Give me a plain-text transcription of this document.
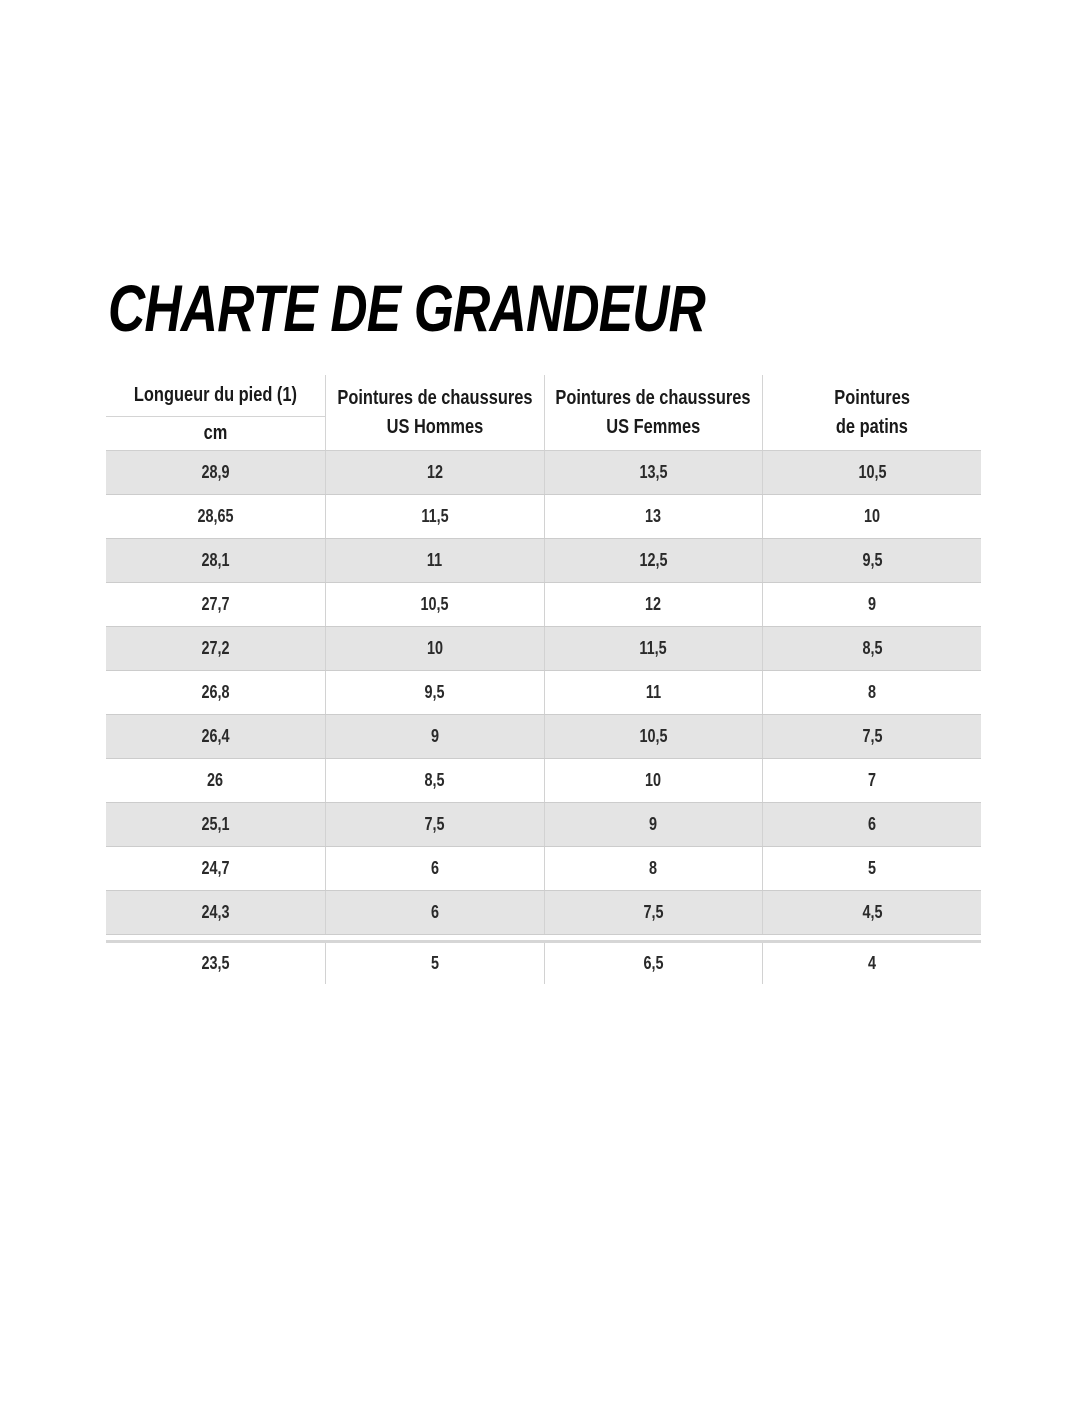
CHARTE DE GRANDEUR
Longueur du pied (1)
cm
Pointures de chaussures
US Hommes
Pointures de chaussures
US Femmes
Pointures
de patins
28,9	12	13,5	10,5
28,65	11,5	13	10
28,1	11	12,5	9,5
27,7	10,5	12	9
27,2	10	11,5	8,5
26,8	9,5	11	8
26,4	9	10,5	7,5
26	8,5	10	7
25,1	7,5	9	6
24,7	6	8	5
24,3	6	7,5	4,5
23,5	5	6,5	4
